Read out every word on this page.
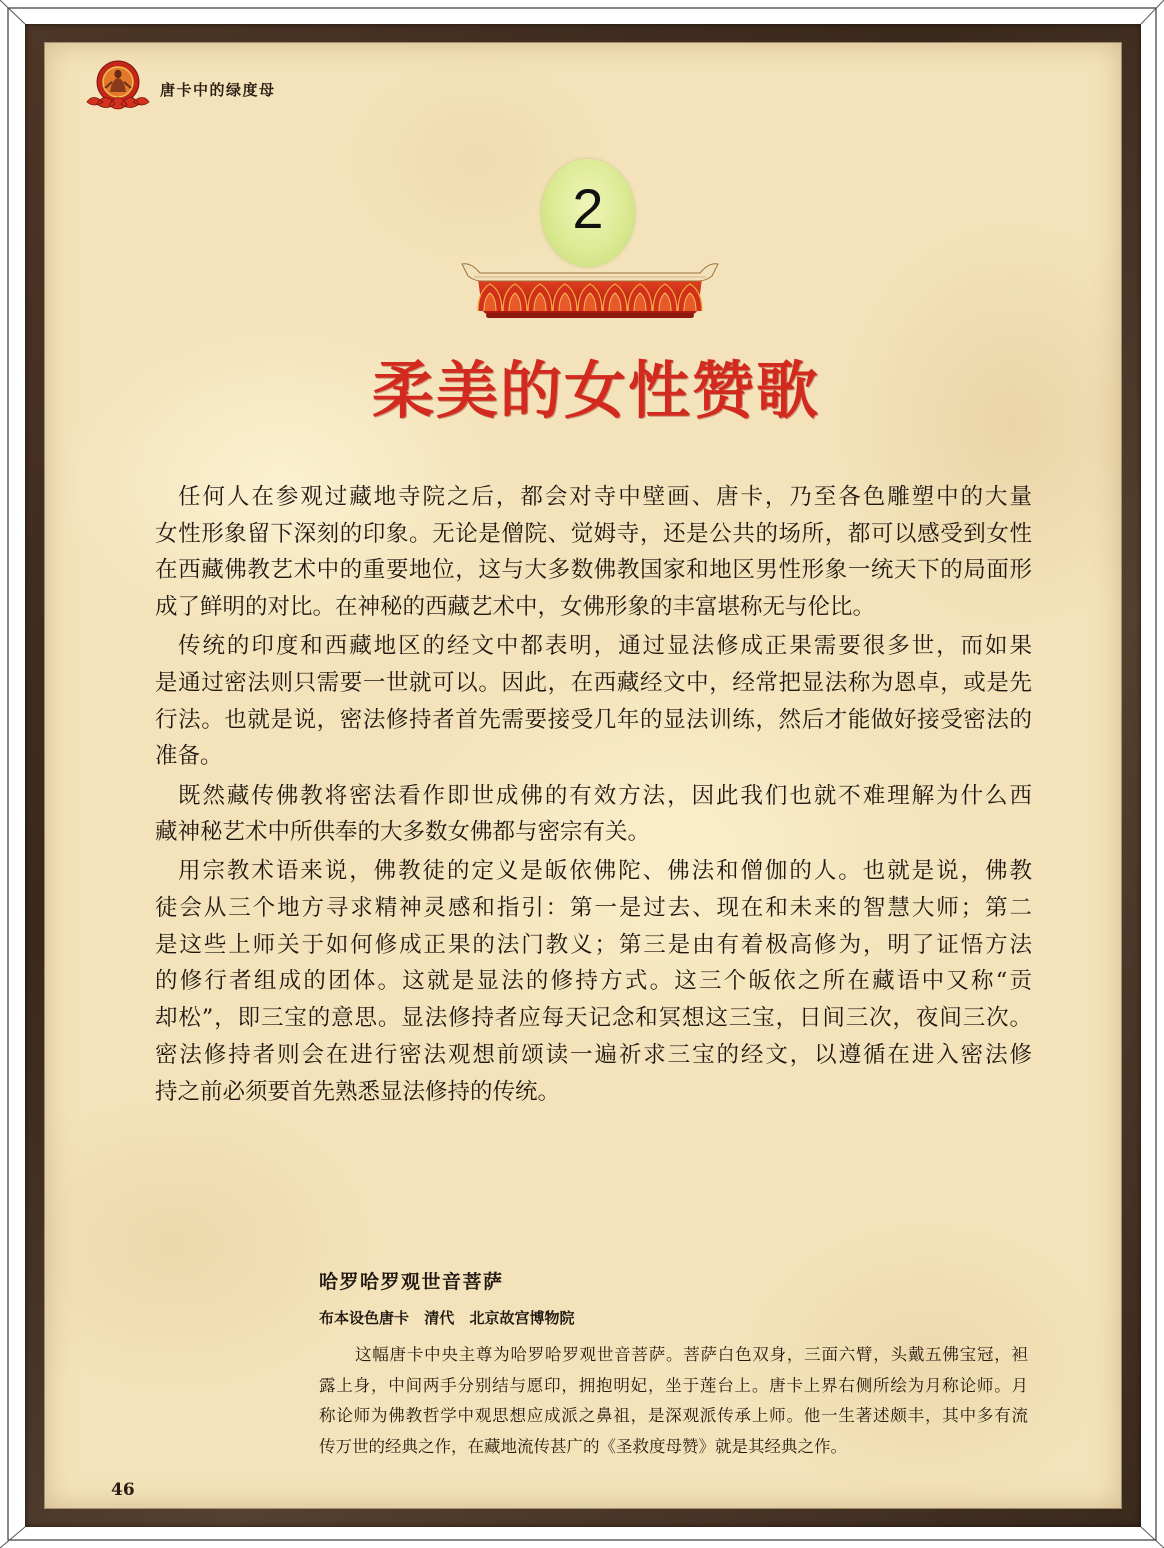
唐卡中的绿度母
2
柔美的女性赞歌
任何人在参观过藏地寺院之后，都会对寺中壁画、唐卡，乃至各色雕塑中的大量
女性形象留下深刻的印象。无论是僧院、觉姆寺，还是公共的场所，都可以感受到女性
在西藏佛教艺术中的重要地位，这与大多数佛教国家和地区男性形象一统天下的局面形
成了鲜明的对比。在神秘的西藏艺术中，女佛形象的丰富堪称无与伦比。
传统的印度和西藏地区的经文中都表明，通过显法修成正果需要很多世，而如果
是通过密法则只需要一世就可以。因此，在西藏经文中，经常把显法称为恩卓，或是先
行法。也就是说，密法修持者首先需要接受几年的显法训练，然后才能做好接受密法的
准备。
既然藏传佛教将密法看作即世成佛的有效方法，因此我们也就不难理解为什么西
藏神秘艺术中所供奉的大多数女佛都与密宗有关。
用宗教术语来说，佛教徒的定义是皈依佛陀、佛法和僧伽的人。也就是说，佛教
徒会从三个地方寻求精神灵感和指引：第一是过去、现在和未来的智慧大师；第二
是这些上师关于如何修成正果的法门教义；第三是由有着极高修为，明了证悟方法
的修行者组成的团体。这就是显法的修持方式。这三个皈依之所在藏语中又称“贡
却松”，即三宝的意思。显法修持者应每天记念和冥想这三宝，日间三次，夜间三次。
密法修持者则会在进行密法观想前颂读一遍祈求三宝的经文，以遵循在进入密法修
持之前必须要首先熟悉显法修持的传统。
哈罗哈罗观世音菩萨
布本设色唐卡 清代 北京故宫博物院
这幅唐卡中央主尊为哈罗哈罗观世音菩萨。菩萨白色双身，三面六臂，头戴五佛宝冠，袒
露上身，中间两手分别结与愿印，拥抱明妃，坐于莲台上。唐卡上界右侧所绘为月称论师。月
称论师为佛教哲学中观思想应成派之鼻祖，是深观派传承上师。他一生著述颇丰，其中多有流
传万世的经典之作，在藏地流传甚广的《圣救度母赞》就是其经典之作。
46
